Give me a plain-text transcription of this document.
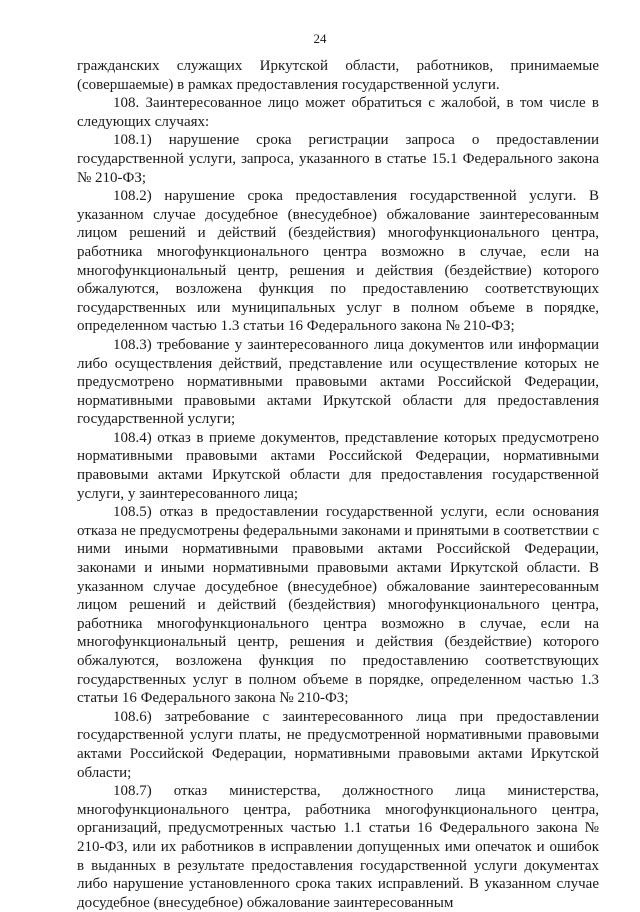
24

гражданских служащих Иркутской области, работников, принимаемые (совершаемые) в рамках предоставления государственной услуги.

108. Заинтересованное лицо может обратиться с жалобой, в том числе в следующих случаях:

108.1) нарушение срока регистрации запроса о предоставлении государственной услуги, запроса, указанного в статье 15.1 Федерального закона № 210-ФЗ;

108.2) нарушение срока предоставления государственной услуги. В указанном случае досудебное (внесудебное) обжалование заинтересованным лицом решений и действий (бездействия) многофункционального центра, работника многофункционального центра возможно в случае, если на многофункциональный центр, решения и действия (бездействие) которого обжалуются, возложена функция по предоставлению соответствующих государственных или муниципальных услуг в полном объеме в порядке, определенном частью 1.3 статьи 16 Федерального закона № 210-ФЗ;

108.3) требование у заинтересованного лица документов или информации либо осуществления действий, представление или осуществление которых не предусмотрено нормативными правовыми актами Российской Федерации, нормативными правовыми актами Иркутской области для предоставления государственной услуги;

108.4) отказ в приеме документов, представление которых предусмотрено нормативными правовыми актами Российской Федерации, нормативными правовыми актами Иркутской области для предоставления государственной услуги, у заинтересованного лица;

108.5) отказ в предоставлении государственной услуги, если основания отказа не предусмотрены федеральными законами и принятыми в соответствии с ними иными нормативными правовыми актами Российской Федерации, законами и иными нормативными правовыми актами Иркутской области. В указанном случае досудебное (внесудебное) обжалование заинтересованным лицом решений и действий (бездействия) многофункционального центра, работника многофункционального центра возможно в случае, если на многофункциональный центр, решения и действия (бездействие) которого обжалуются, возложена функция по предоставлению соответствующих государственных услуг в полном объеме в порядке, определенном частью 1.3 статьи 16 Федерального закона № 210-ФЗ;

108.6) затребование с заинтересованного лица при предоставлении государственной услуги платы, не предусмотренной нормативными правовыми актами Российской Федерации, нормативными правовыми актами Иркутской области;

108.7) отказ министерства, должностного лица министерства, многофункционального центра, работника многофункционального центра, организаций, предусмотренных частью 1.1 статьи 16 Федерального закона № 210-ФЗ, или их работников в исправлении допущенных ими опечаток и ошибок в выданных в результате предоставления государственной услуги документах либо нарушение установленного срока таких исправлений. В указанном случае досудебное (внесудебное) обжалование заинтересованным
